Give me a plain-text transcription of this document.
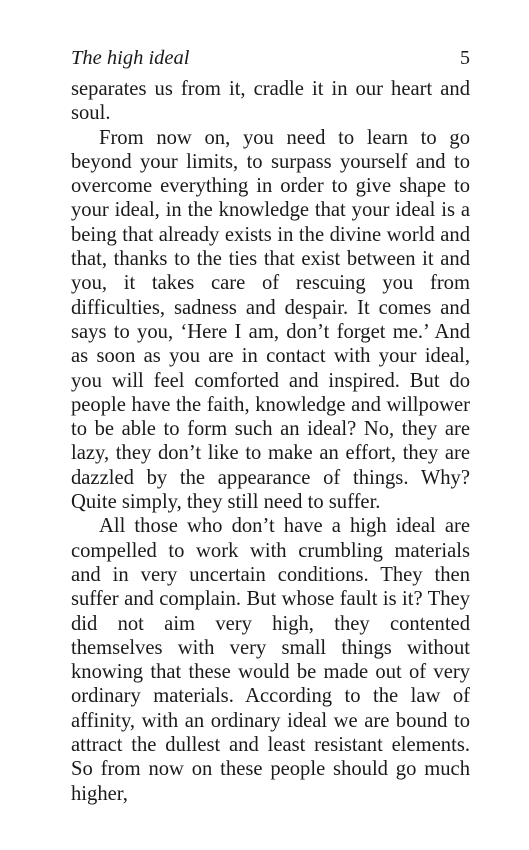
The high ideal	5

separates us from it, cradle it in our heart and soul.

From now on, you need to learn to go beyond your limits, to surpass yourself and to overcome everything in order to give shape to your ideal, in the knowledge that your ideal is a being that already exists in the divine world and that, thanks to the ties that exist between it and you, it takes care of rescuing you from difficulties, sadness and despair. It comes and says to you, ‘Here I am, don’t forget me.’ And as soon as you are in contact with your ideal, you will feel comforted and inspired. But do people have the faith, knowledge and willpower to be able to form such an ideal? No, they are lazy, they don’t like to make an effort, they are dazzled by the appearance of things. Why? Quite simply, they still need to suffer.

All those who don’t have a high ideal are compelled to work with crumbling materials and in very uncertain conditions. They then suffer and complain. But whose fault is it? They did not aim very high, they contented themselves with very small things without knowing that these would be made out of very ordinary materials. According to the law of affinity, with an ordinary ideal we are bound to attract the dullest and least resistant elements. So from now on these people should go much higher,
